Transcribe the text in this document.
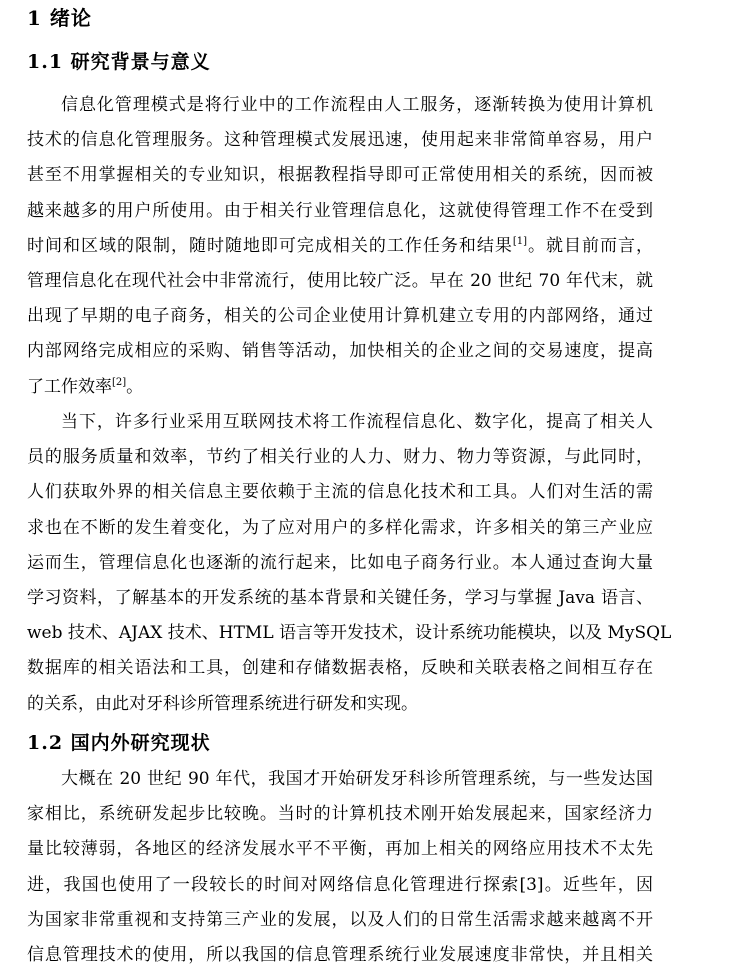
1 绪论
1.1 研究背景与意义
信息化管理模式是将行业中的工作流程由人工服务，逐渐转换为使用计算机
技术的信息化管理服务。这种管理模式发展迅速，使用起来非常简单容易，用户
甚至不用掌握相关的专业知识，根据教程指导即可正常使用相关的系统，因而被
越来越多的用户所使用。由于相关行业管理信息化，这就使得管理工作不在受到
时间和区域的限制，随时随地即可完成相关的工作任务和结果[1]。就目前而言，
管理信息化在现代社会中非常流行，使用比较广泛。早在 20 世纪 70 年代末，就
出现了早期的电子商务，相关的公司企业使用计算机建立专用的内部网络，通过
内部网络完成相应的采购、销售等活动，加快相关的企业之间的交易速度，提高
了工作效率[2]。
当下，许多行业采用互联网技术将工作流程信息化、数字化，提高了相关人
员的服务质量和效率，节约了相关行业的人力、财力、物力等资源，与此同时，
人们获取外界的相关信息主要依赖于主流的信息化技术和工具。人们对生活的需
求也在不断的发生着变化，为了应对用户的多样化需求，许多相关的第三产业应
运而生，管理信息化也逐渐的流行起来，比如电子商务行业。本人通过查询大量
学习资料，了解基本的开发系统的基本背景和关键任务，学习与掌握 Java 语言、
web 技术、AJAX 技术、HTML 语言等开发技术，设计系统功能模块，以及 MySQL
数据库的相关语法和工具，创建和存储数据表格，反映和关联表格之间相互存在
的关系，由此对牙科诊所管理系统进行研发和实现。
1.2 国内外研究现状
大概在 20 世纪 90 年代，我国才开始研发牙科诊所管理系统，与一些发达国
家相比，系统研发起步比较晚。当时的计算机技术刚开始发展起来，国家经济力
量比较薄弱，各地区的经济发展水平不平衡，再加上相关的网络应用技术不太先
进，我国也使用了一段较长的时间对网络信息化管理进行探索[3]。近些年，因
为国家非常重视和支持第三产业的发展，以及人们的日常生活需求越来越离不开
信息管理技术的使用，所以我国的信息管理系统行业发展速度非常快，并且相关
